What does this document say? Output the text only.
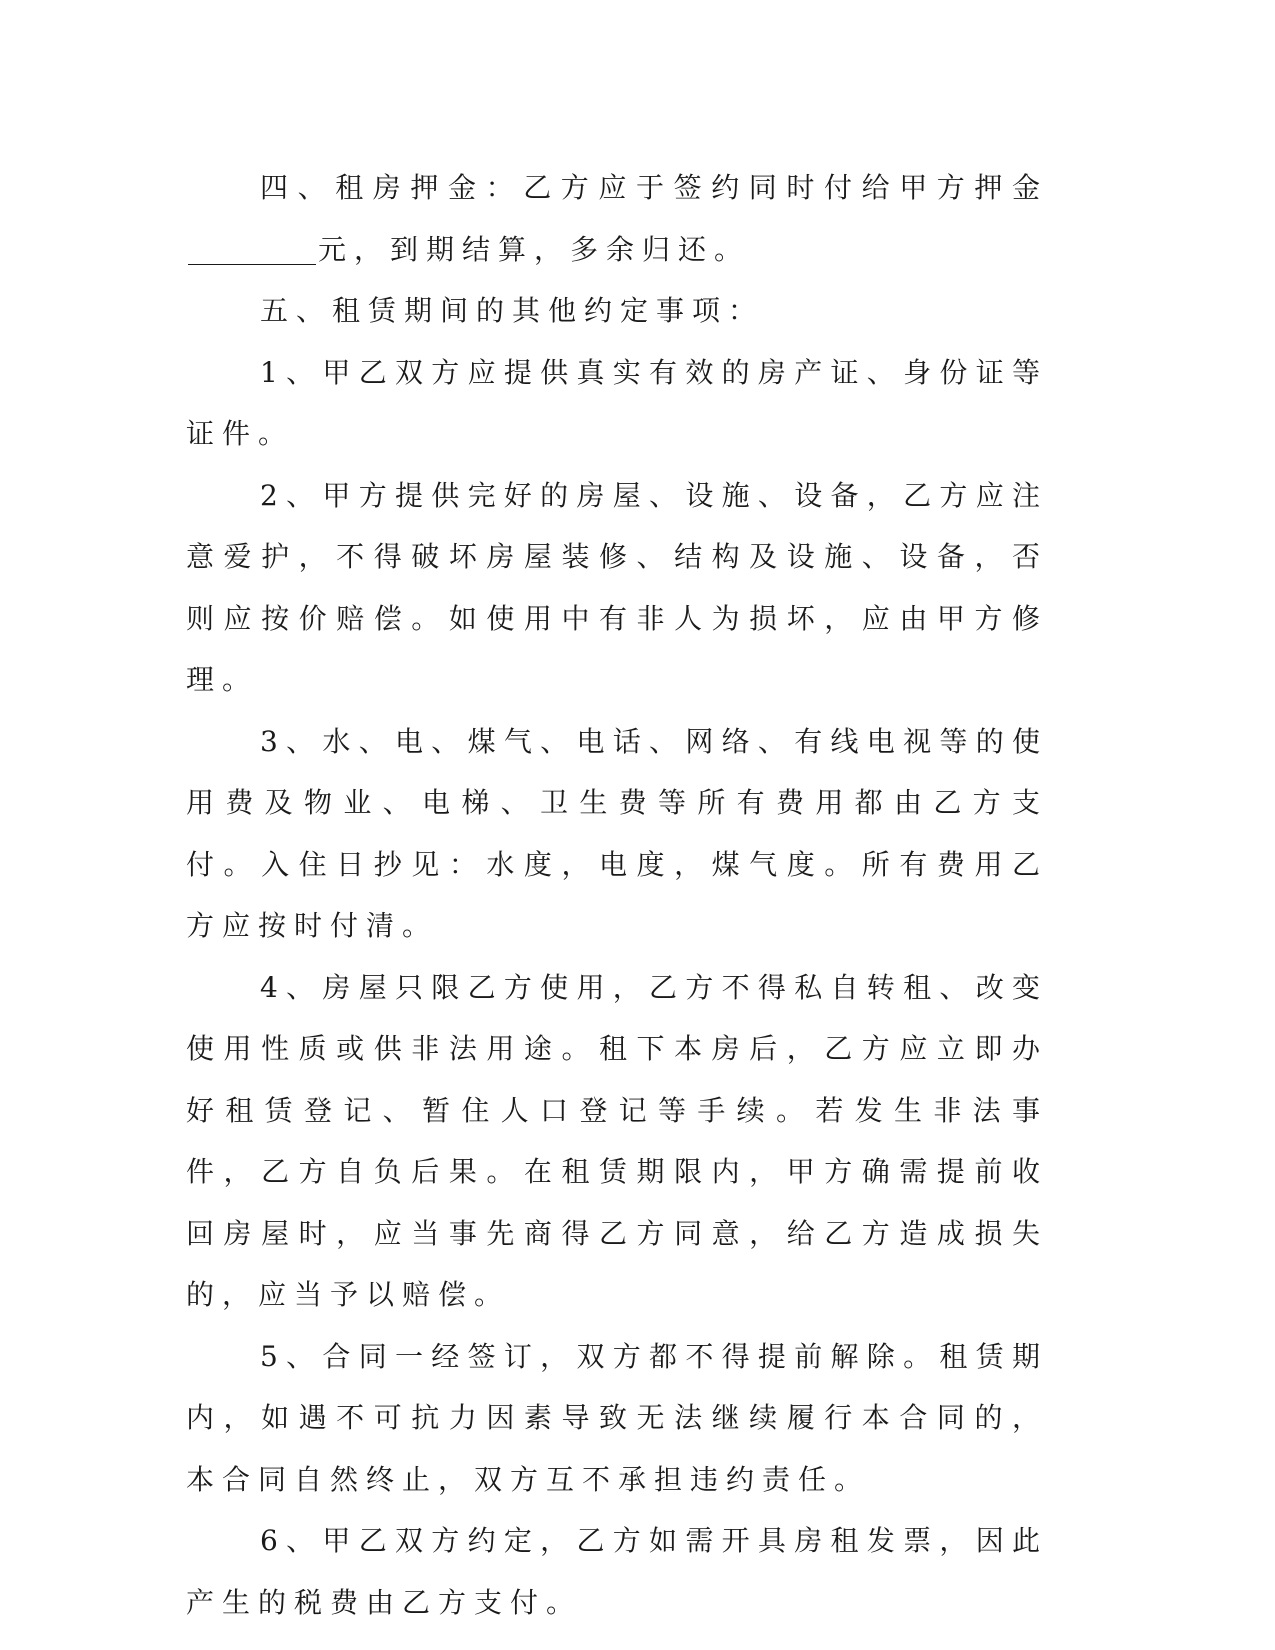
四、租房押金：乙方应于签约同时付给甲方押金元，到期结算，多余归还。

五、租赁期间的其他约定事项：

1、甲乙双方应提供真实有效的房产证、身份证等证件。

2、甲方提供完好的房屋、设施、设备，乙方应注意爱护，不得破坏房屋装修、结构及设施、设备，否则应按价赔偿。如使用中有非人为损坏，应由甲方修理。

3、水、电、煤气、电话、网络、有线电视等的使用费及物业、电梯、卫生费等所有费用都由乙方支付。入住日抄见：水度，电度，煤气度。所有费用乙方应按时付清。

4、房屋只限乙方使用，乙方不得私自转租、改变使用性质或供非法用途。租下本房后，乙方应立即办好租赁登记、暂住人口登记等手续。若发生非法事件，乙方自负后果。在租赁期限内，甲方确需提前收回房屋时，应当事先商得乙方同意，给乙方造成损失的，应当予以赔偿。

5、合同一经签订，双方都不得提前解除。租赁期内，如遇不可抗力因素导致无法继续履行本合同的，本合同自然终止，双方互不承担违约责任。

6、甲乙双方约定，乙方如需开具房租发票，因此产生的税费由乙方支付。
